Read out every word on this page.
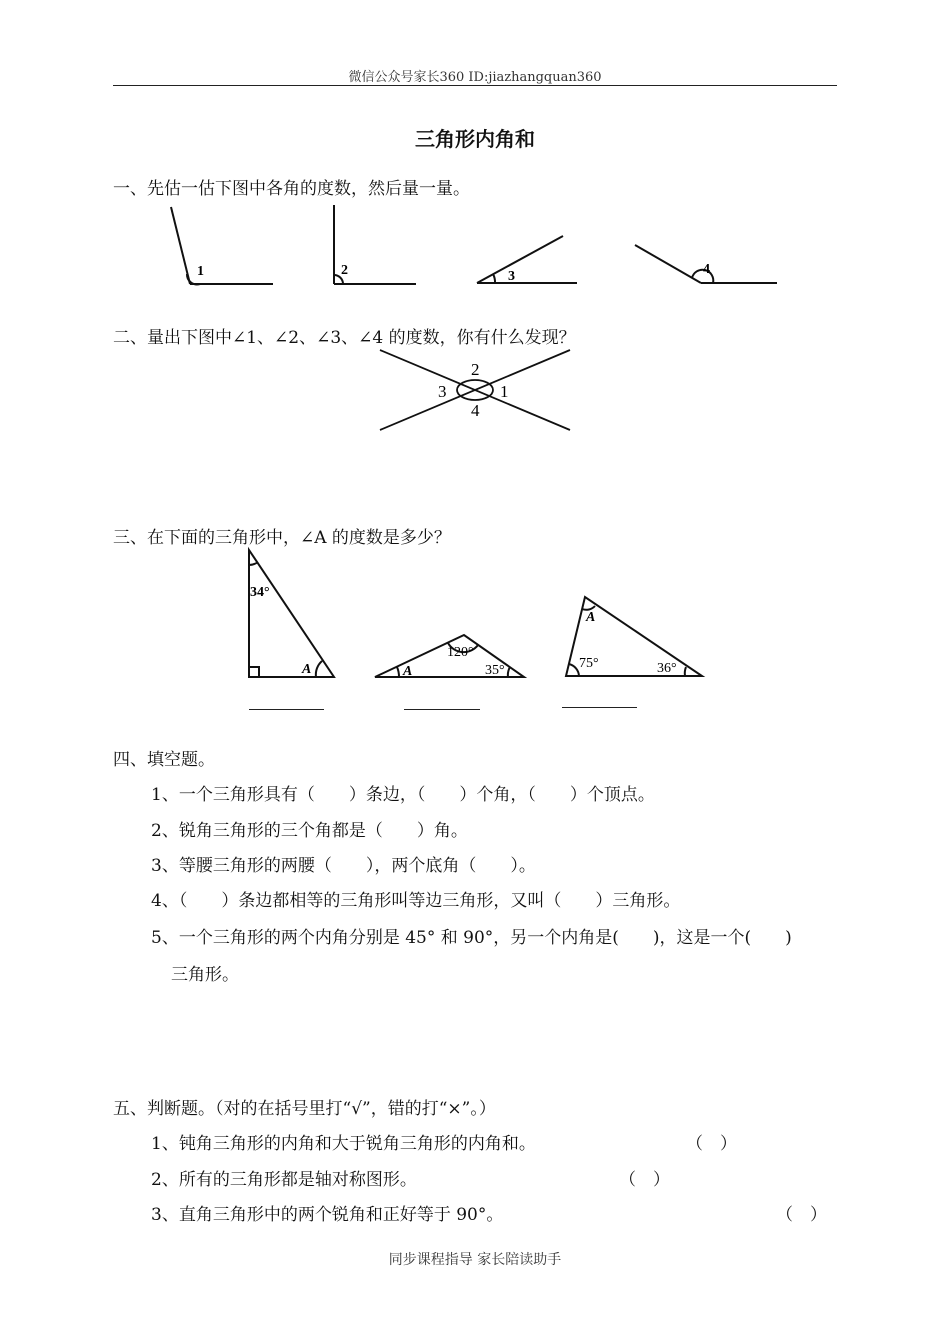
微信公众号家长360 ID:jiazhangquan360
三角形内角和
一、先估一估下图中各角的度数，然后量一量。
1	2	3	4
二、量出下图中∠1、∠2、∠3、∠4 的度数，你有什么发现？
2
1
3
4
三、在下面的三角形中，∠A 的度数是多少？
34°
A
120°
35°
A
A
75°	36°
四、填空题。
1、一个三角形具有（　　）条边，（　　）个角，（　　）个顶点。
2、锐角三角形的三个角都是（　　）角。
3、等腰三角形的两腰（　　），两个底角（　　）。
4、（　　）条边都相等的三角形叫等边三角形，又叫（　　）三角形。
5、一个三角形的两个内角分别是 45° 和 90°，另一个内角是(　　)，这是一个(　　)
三角形。
五、判断题。（对的在括号里打“√”，错的打“×”。）
1、钝角三角形的内角和大于锐角三角形的内角和。	（　）
2、所有的三角形都是轴对称图形。	（　）
3、直角三角形中的两个锐角和正好等于 90°。	（　）
同步课程指导 家长陪读助手
